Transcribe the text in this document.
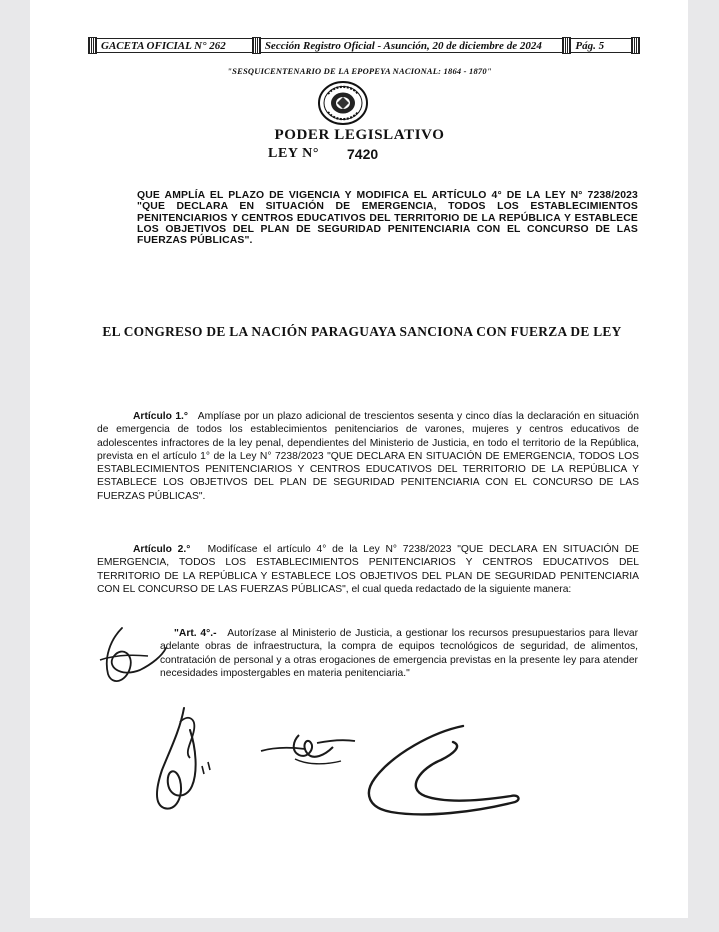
GACETA OFICIAL N° 262	Sección Registro Oficial - Asunción, 20 de diciembre de 2024	Pág. 5
"SESQUICENTENARIO DE LA EPOPEYA NACIONAL: 1864 - 1870"
PODER LEGISLATIVO
LEY N° 7420
QUE AMPLÍA EL PLAZO DE VIGENCIA Y MODIFICA EL ARTÍCULO 4° DE LA LEY N° 7238/2023 "QUE DECLARA EN SITUACIÓN DE EMERGENCIA, TODOS LOS ESTABLECIMIENTOS PENITENCIARIOS Y CENTROS EDUCATIVOS DEL TERRITORIO DE LA REPÚBLICA Y ESTABLECE LOS OBJETIVOS DEL PLAN DE SEGURIDAD PENITENCIARIA CON EL CONCURSO DE LAS FUERZAS PÚBLICAS".
EL CONGRESO DE LA NACIÓN PARAGUAYA SANCIONA CON FUERZA DE LEY
Artículo 1.° Amplíase por un plazo adicional de trescientos sesenta y cinco días la declaración en situación de emergencia de todos los establecimientos penitenciarios de varones, mujeres y centros educativos de adolescentes infractores de la ley penal, dependientes del Ministerio de Justicia, en todo el territorio de la República, prevista en el artículo 1° de la Ley N° 7238/2023 "QUE DECLARA EN SITUACIÓN DE EMERGENCIA, TODOS LOS ESTABLECIMIENTOS PENITENCIARIOS Y CENTROS EDUCATIVOS DEL TERRITORIO DE LA REPÚBLICA Y ESTABLECE LOS OBJETIVOS DEL PLAN DE SEGURIDAD PENITENCIARIA CON EL CONCURSO DE LAS FUERZAS PÚBLICAS".
Artículo 2.° Modifícase el artículo 4° de la Ley N° 7238/2023 "QUE DECLARA EN SITUACIÓN DE EMERGENCIA, TODOS LOS ESTABLECIMIENTOS PENITENCIARIOS Y CENTROS EDUCATIVOS DEL TERRITORIO DE LA REPÚBLICA Y ESTABLECE LOS OBJETIVOS DEL PLAN DE SEGURIDAD PENITENCIARIA CON EL CONCURSO DE LAS FUERZAS PÚBLICAS", el cual queda redactado de la siguiente manera:
"Art. 4°.- Autorízase al Ministerio de Justicia, a gestionar los recursos presupuestarios para llevar adelante obras de infraestructura, la compra de equipos tecnológicos de seguridad, de alimentos, contratación de personal y a otras erogaciones de emergencia previstas en la presente ley para atender necesidades impostergables en materia penitenciaria."
